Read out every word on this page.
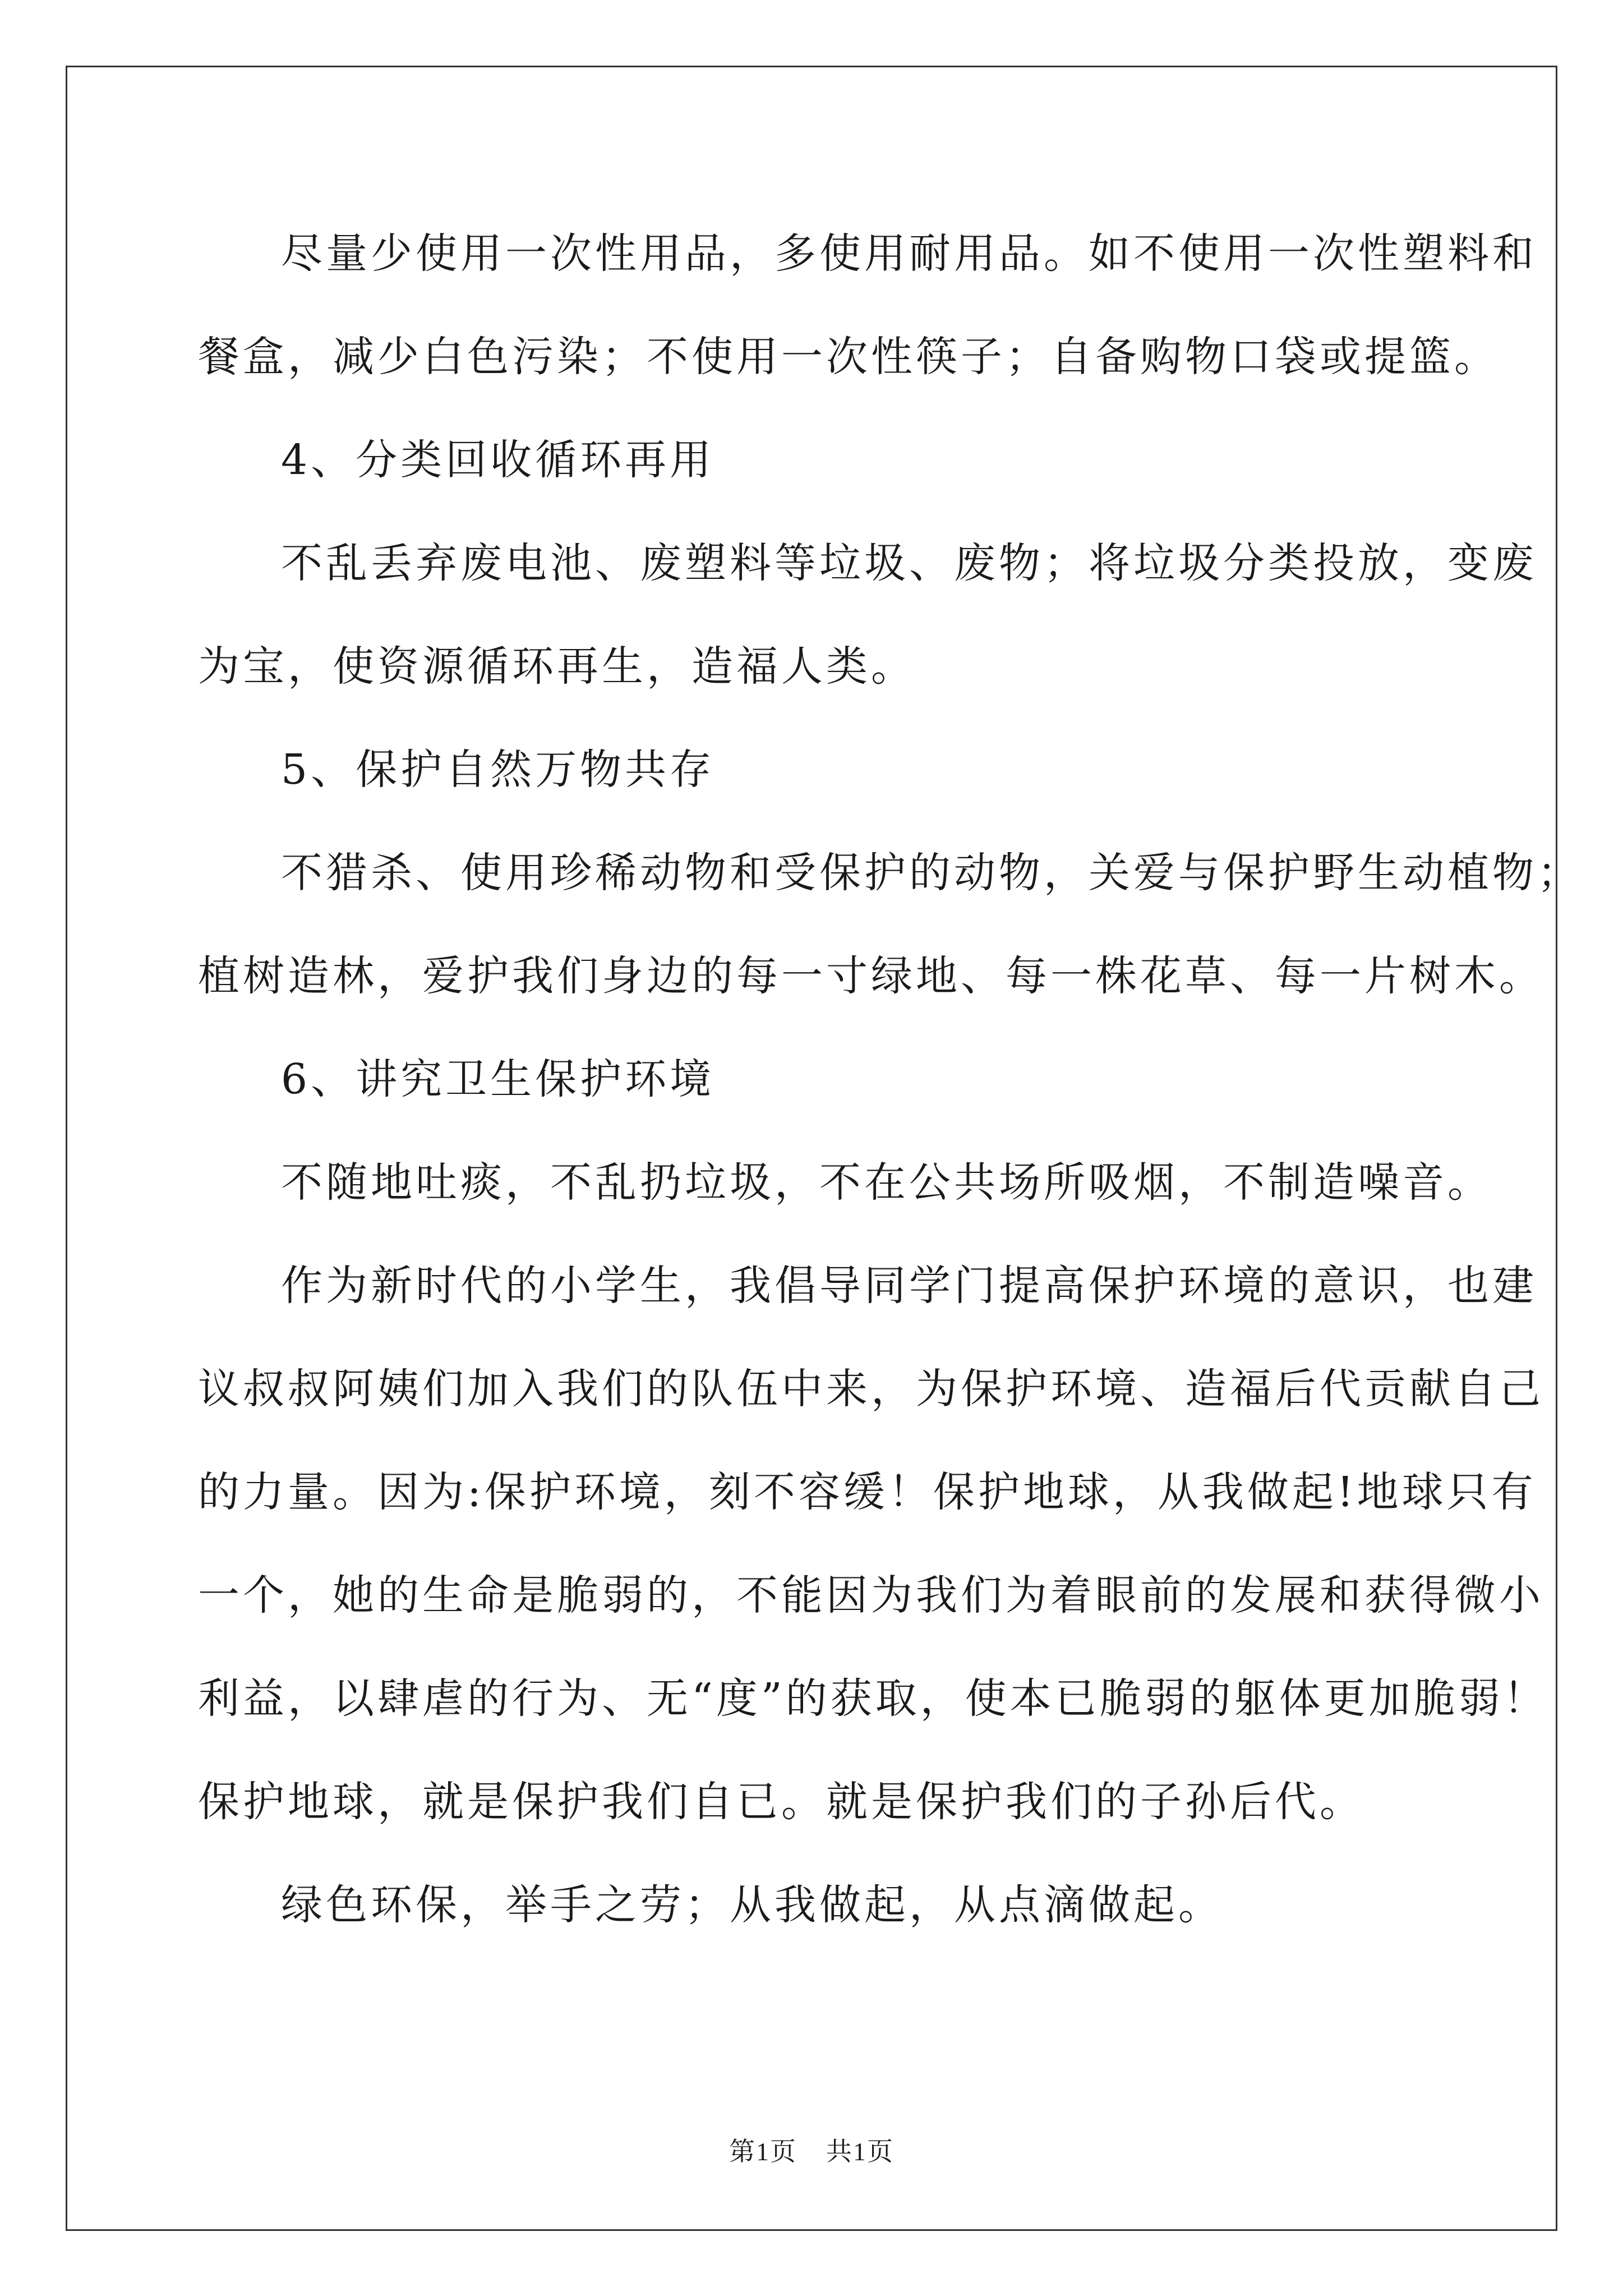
尽量少使用一次性用品，多使用耐用品。如不使用一次性塑料和

餐盒，减少白色污染；不使用一次性筷子；自备购物口袋或提篮。

4、分类回收循环再用

不乱丢弃废电池、废塑料等垃圾、废物；将垃圾分类投放，变废

为宝，使资源循环再生，造福人类。

5、保护自然万物共存

不猎杀、使用珍稀动物和受保护的动物，关爱与保护野生动植物；

植树造林，爱护我们身边的每一寸绿地、每一株花草、每一片树木。

6、讲究卫生保护环境

不随地吐痰，不乱扔垃圾，不在公共场所吸烟，不制造噪音。

作为新时代的小学生，我倡导同学门提高保护环境的意识，也建

议叔叔阿姨们加入我们的队伍中来，为保护环境、造福后代贡献自己

的力量。因为:保护环境，刻不容缓！保护地球，从我做起!地球只有

一个，她的生命是脆弱的，不能因为我们为着眼前的发展和获得微小

利益，以肆虐的行为、无“度”的获取，使本已脆弱的躯体更加脆弱！

保护地球，就是保护我们自已。就是保护我们的子孙后代。

绿色环保，举手之劳；从我做起，从点滴做起。

第1页 共1页
